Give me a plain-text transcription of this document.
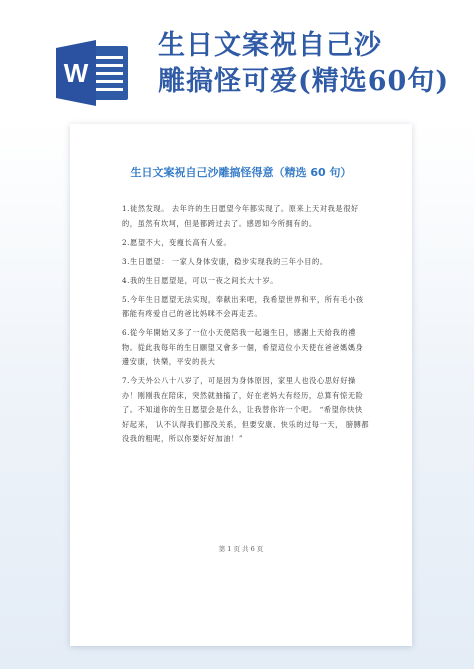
W
生日文案祝自己沙
雕搞怪可爱(精选60句)
生日文案祝自己沙雕搞怪得意（精选 60 句）

1.徒然发现。 去年许的生日愿望今年都实现了。原来上天对我是很好的，虽然有坎坷，但是都跨过去了。感恩如今所拥有的。

2.愿望不大，变瘦长高有人爱。

3.生日愿望： 一家人身体安康，稳步实现我的三年小目的。

4.我的生日愿望是，可以一夜之间长大十岁。

5.今年生日愿望无法实现，奉献出来吧，我希望世界和平，所有毛小孩都能有疼爱自己的爸比妈咪不会再走丢。

6.從今年開始又多了一位小天使陪我一起過生日，感謝上天給我的禮物。從此我每年的生日願望又會多一個，希望這位小天使在爸爸媽媽身邊安康，快樂，平安的長大

7.今天外公八十八岁了，可是因为身体原因，家里人也没心思好好操办！刚刚我在陪床，突然就抽搐了，好在老妈大有经历，总算有惊无险了。不知道你的生日愿望会是什么，让我替你许一个吧。 “希望你快快好起来， 认不认得我们都没关系，但要安康、快乐的过每一天， 膀膊都没我的粗呢，所以你要好好加油！”

第 1 页 共 6 页
